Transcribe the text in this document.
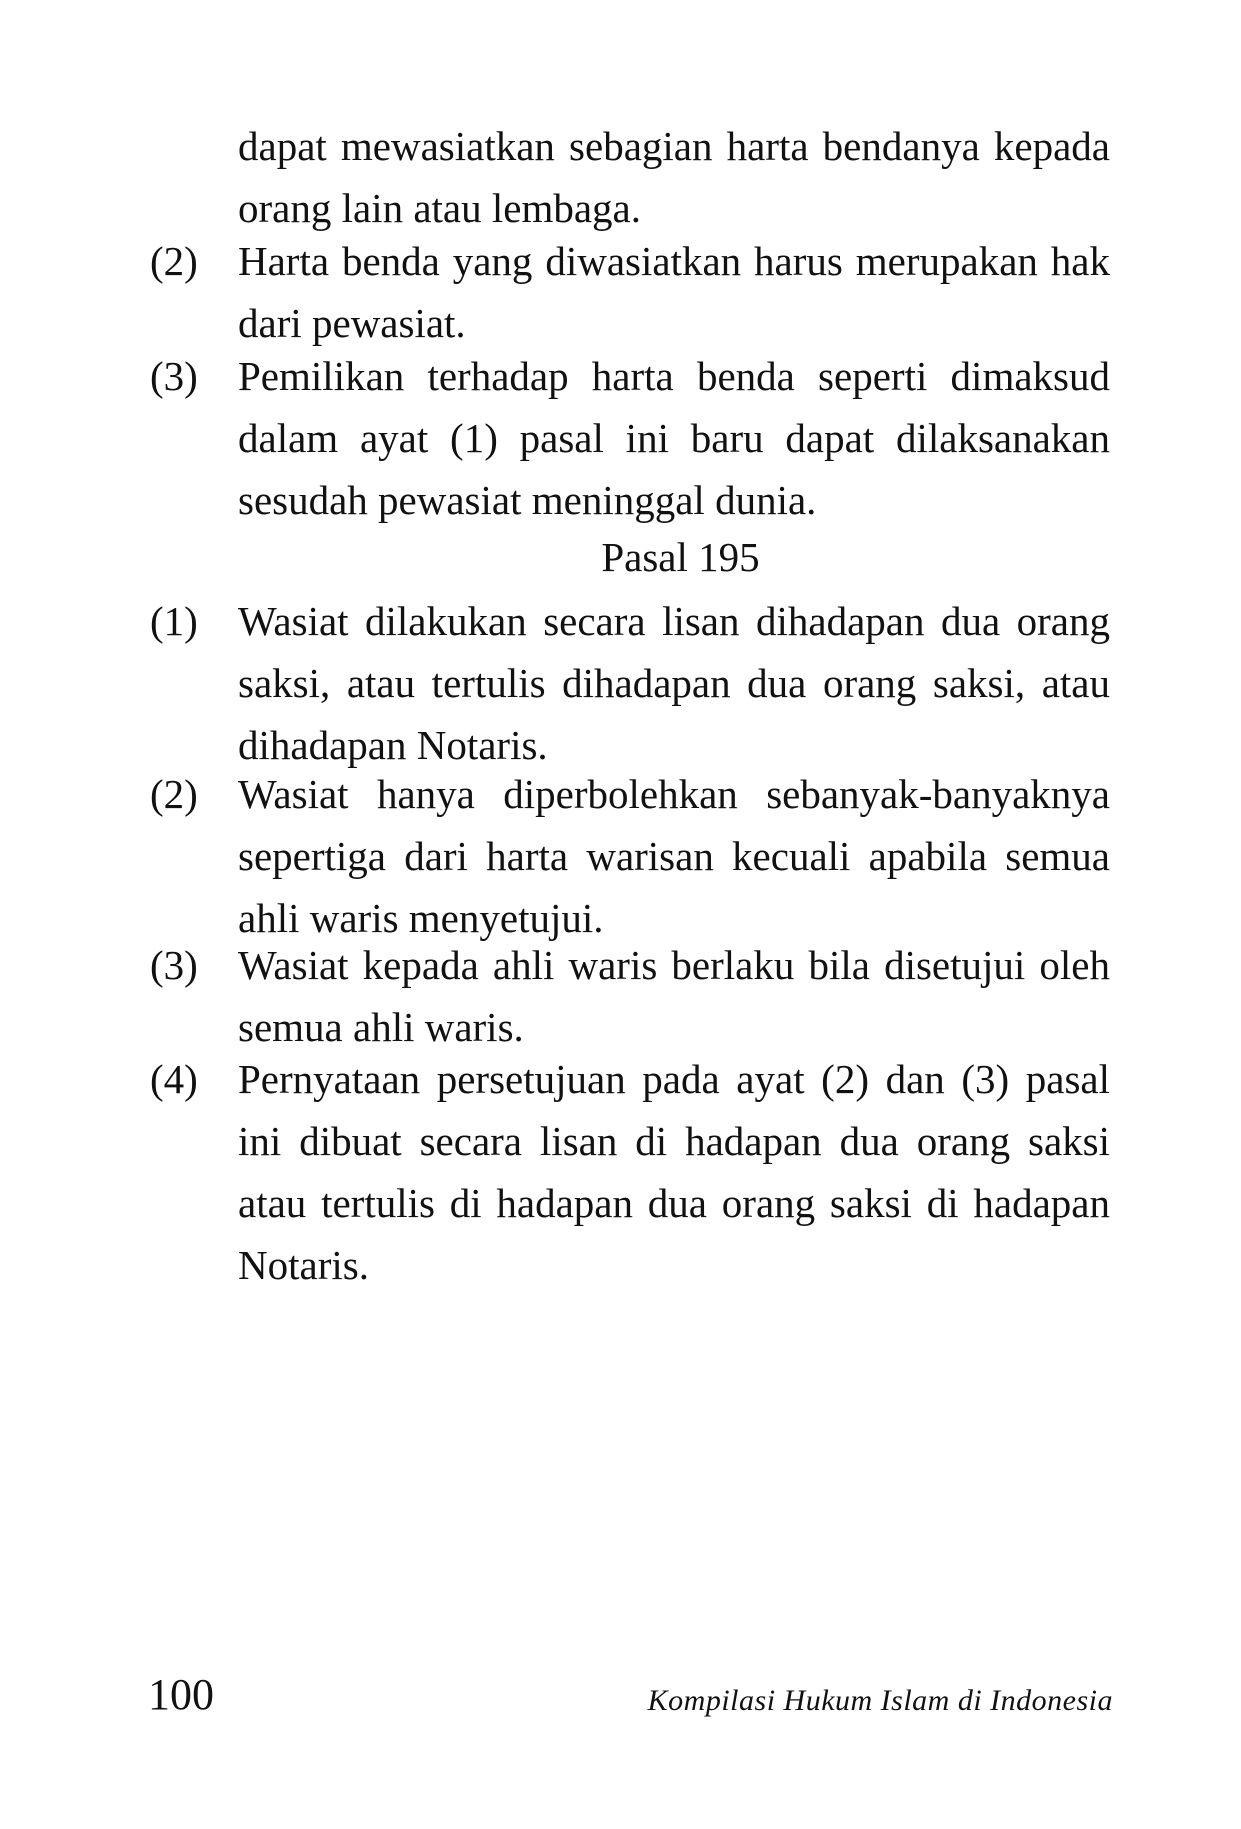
dapat mewasiatkan sebagian harta bendanya kepada orang lain atau lembaga.
(2) Harta benda yang diwasiatkan harus merupakan hak dari pewasiat.
(3) Pemilikan terhadap harta benda seperti dimaksud dalam ayat (1) pasal ini baru dapat dilaksanakan sesudah pewasiat meninggal dunia.
Pasal 195
(1) Wasiat dilakukan secara lisan dihadapan dua orang saksi, atau tertulis dihadapan dua orang saksi, atau dihadapan Notaris.
(2) Wasiat hanya diperbolehkan sebanyak-banyaknya sepertiga dari harta warisan kecuali apabila semua ahli waris menyetujui.
(3) Wasiat kepada ahli waris berlaku bila disetujui oleh semua ahli waris.
(4) Pernyataan persetujuan pada ayat (2) dan (3) pasal ini dibuat secara lisan di hadapan dua orang saksi atau tertulis di hadapan dua orang saksi di hadapan Notaris.
100	Kompilasi Hukum Islam di Indonesia
